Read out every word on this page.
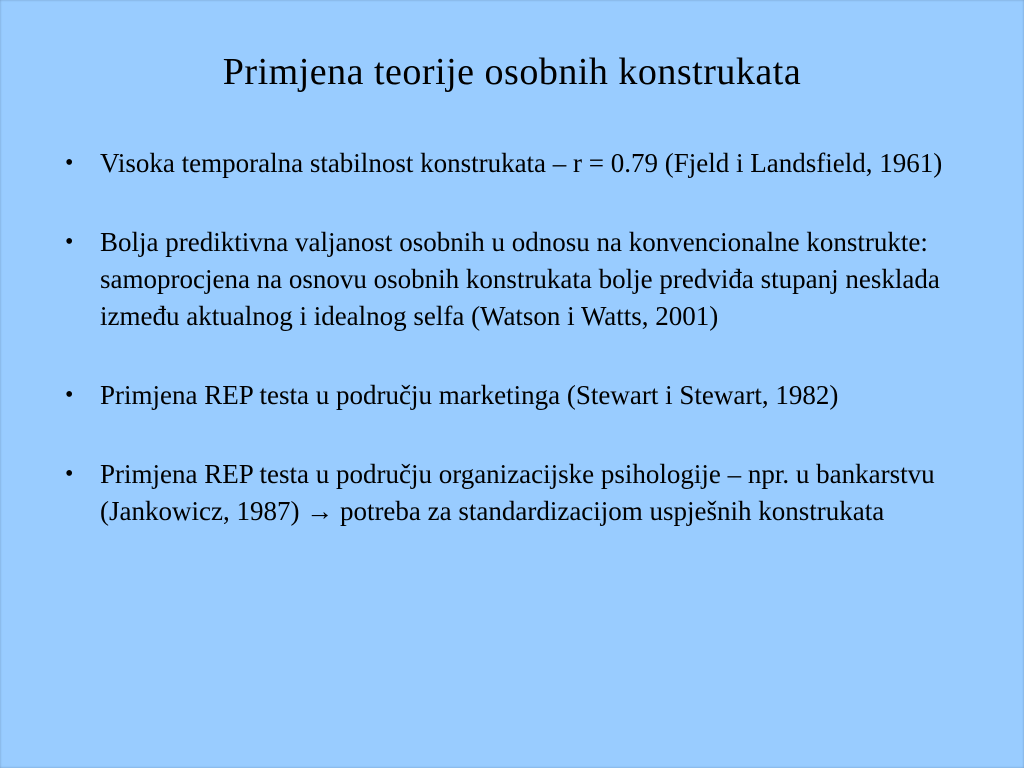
Primjena teorije osobnih konstrukata
• Visoka temporalna stabilnost konstrukata – r = 0.79 (Fjeld i Landsfield, 1961)
• Bolja prediktivna valjanost osobnih u odnosu na konvencionalne konstrukte: samoprocjena na osnovu osobnih konstrukata bolje predviđa stupanj nesklada između aktualnog i idealnog selfa (Watson i Watts, 2001)
• Primjena REP testa u području marketinga (Stewart i Stewart, 1982)
• Primjena REP testa u području organizacijske psihologije – npr. u bankarstvu (Jankowicz, 1987) → potreba za standardizacijom uspješnih konstrukata
